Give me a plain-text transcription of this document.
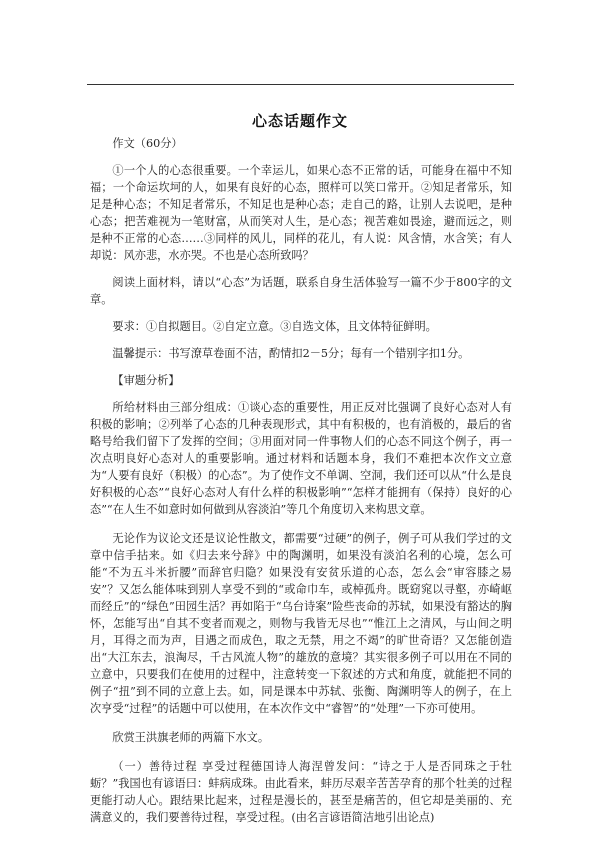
心态话题作文

作文（60分）

①一个人的心态很重要。一个幸运儿，如果心态不正常的话，可能身在福中不知福；一个命运坎坷的人，如果有良好的心态，照样可以笑口常开。②知足者常乐，知足是种心态；不知足者常乐，不知足也是种心态；走自己的路，让别人去说吧，是种心态；把苦难视为一笔财富，从而笑对人生，是心态；视苦难如畏途，避而远之，则是种不正常的心态……③同样的风儿，同样的花儿，有人说：风含情，水含笑；有人却说：风亦悲，水亦哭。不也是心态所致吗？

阅读上面材料，请以“心态”为话题，联系自身生活体验写一篇不少于800字的文章。

要求：①自拟题目。②自定立意。③自选文体，且文体特征鲜明。

温馨提示：书写潦草卷面不洁，酌情扣2－5分；每有一个错别字扣1分。

【审题分析】

所给材料由三部分组成：①谈心态的重要性，用正反对比强调了良好心态对人有积极的影响；②列举了心态的几种表现形式，其中有积极的，也有消极的，最后的省略号给我们留下了发挥的空间；③用面对同一件事物人们的心态不同这个例子，再一次点明良好心态对人的重要影响。通过材料和话题本身，我们不难把本次作文立意为“人要有良好（积极）的心态”。为了使作文不单调、空洞，我们还可以从“什么是良好积极的心态”“良好心态对人有什么样的积极影响”“怎样才能拥有（保持）良好的心态”“在人生不如意时如何做到从容淡泊”等几个角度切入来构思文章。

无论作为议论文还是议论性散文，都需要“过硬”的例子，例子可从我们学过的文章中信手拈来。如《归去来兮辞》中的陶渊明，如果没有淡泊名利的心境，怎么可能“不为五斗米折腰”而辞官归隐？如果没有安贫乐道的心态，怎么会“审容膝之易安”？又怎么能体味到别人享受不到的“或命巾车，或棹孤舟。既窈窕以寻壑，亦崎岖而经丘”的“绿色”田园生活？再如陷于“乌台诗案”险些丧命的苏轼，如果没有豁达的胸怀，怎能写出“自其不变者而观之，则物与我皆无尽也”“惟江上之清风，与山间之明月，耳得之而为声，目遇之而成色，取之无禁，用之不竭”的旷世奇语？又怎能创造出“大江东去，浪淘尽，千古风流人物”的雄放的意境？其实很多例子可以用在不同的立意中，只要我们在使用的过程中，注意转变一下叙述的方式和角度，就能把不同的例子“扭”到不同的立意上去。如，同是课本中苏轼、张衡、陶渊明等人的例子，在上次亨受“过程”的话题中可以使用，在本次作文中“睿智”的“处理”一下亦可使用。

欣赏王洪旗老师的两篇下水文。

（一）善待过程 享受过程德国诗人海涅曾发问：“诗之于人是否同珠之于牡蛎？”我国也有谚语曰：蚌病成珠。由此看来，蚌历尽艰辛苦苦孕育的那个牡美的过程更能打动人心。跟结果比起来，过程是漫长的，甚至是痛苦的，但它却是美丽的、充满意义的，我们要善待过程，享受过程。(由名言谚语简洁地引出论点)
